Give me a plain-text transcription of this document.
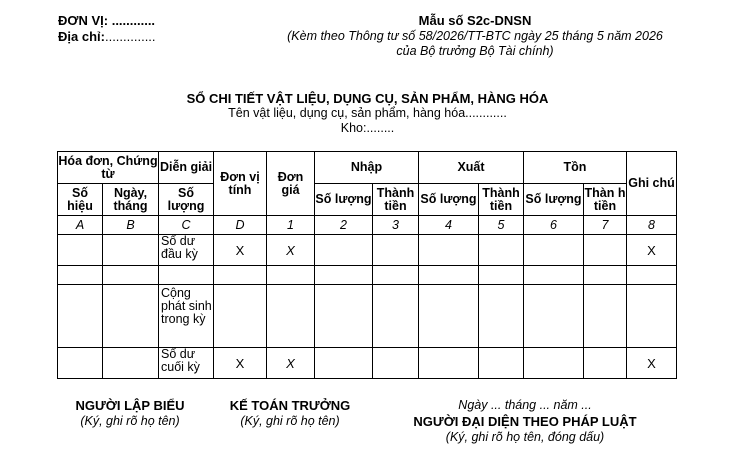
ĐƠN VỊ: ............
Địa chỉ:..............
Mẫu số S2c-DNSN
(Kèm theo Thông tư số 58/2026/TT-BTC ngày 25 tháng 5 năm 2026
của Bộ trưởng Bộ Tài chính)
SỔ CHI TIẾT VẬT LIỆU, DỤNG CỤ, SẢN PHẨM, HÀNG HÓA
Tên vật liệu, dụng cụ, sản phẩm, hàng hóa............
Kho:........
Hóa đơn, Chứng từ		Diễn giải	Đơn vị tính	Đơn giá	Nhập		Xuất		Tồn		Ghi chú
Số hiệu	Ngày, tháng	Số lượng			Số lượng	Thành tiền	Số lượng	Thành tiền	Số lượng	Thàn h tiền	
A	B	C	D	1	2	3	4	5	6	7	8
		Số dư đầu kỳ	X	X							X

		Cộng phát sinh trong kỳ									
		Số dư cuối kỳ	X	X							X
NGƯỜI LẬP BIỂU
(Ký, ghi rõ họ tên)
KẾ TOÁN TRƯỞNG
(Ký, ghi rõ họ tên)
Ngày ... tháng ... năm ...
NGƯỜI ĐẠI DIỆN THEO PHÁP LUẬT
(Ký, ghi rõ họ tên, đóng dấu)
